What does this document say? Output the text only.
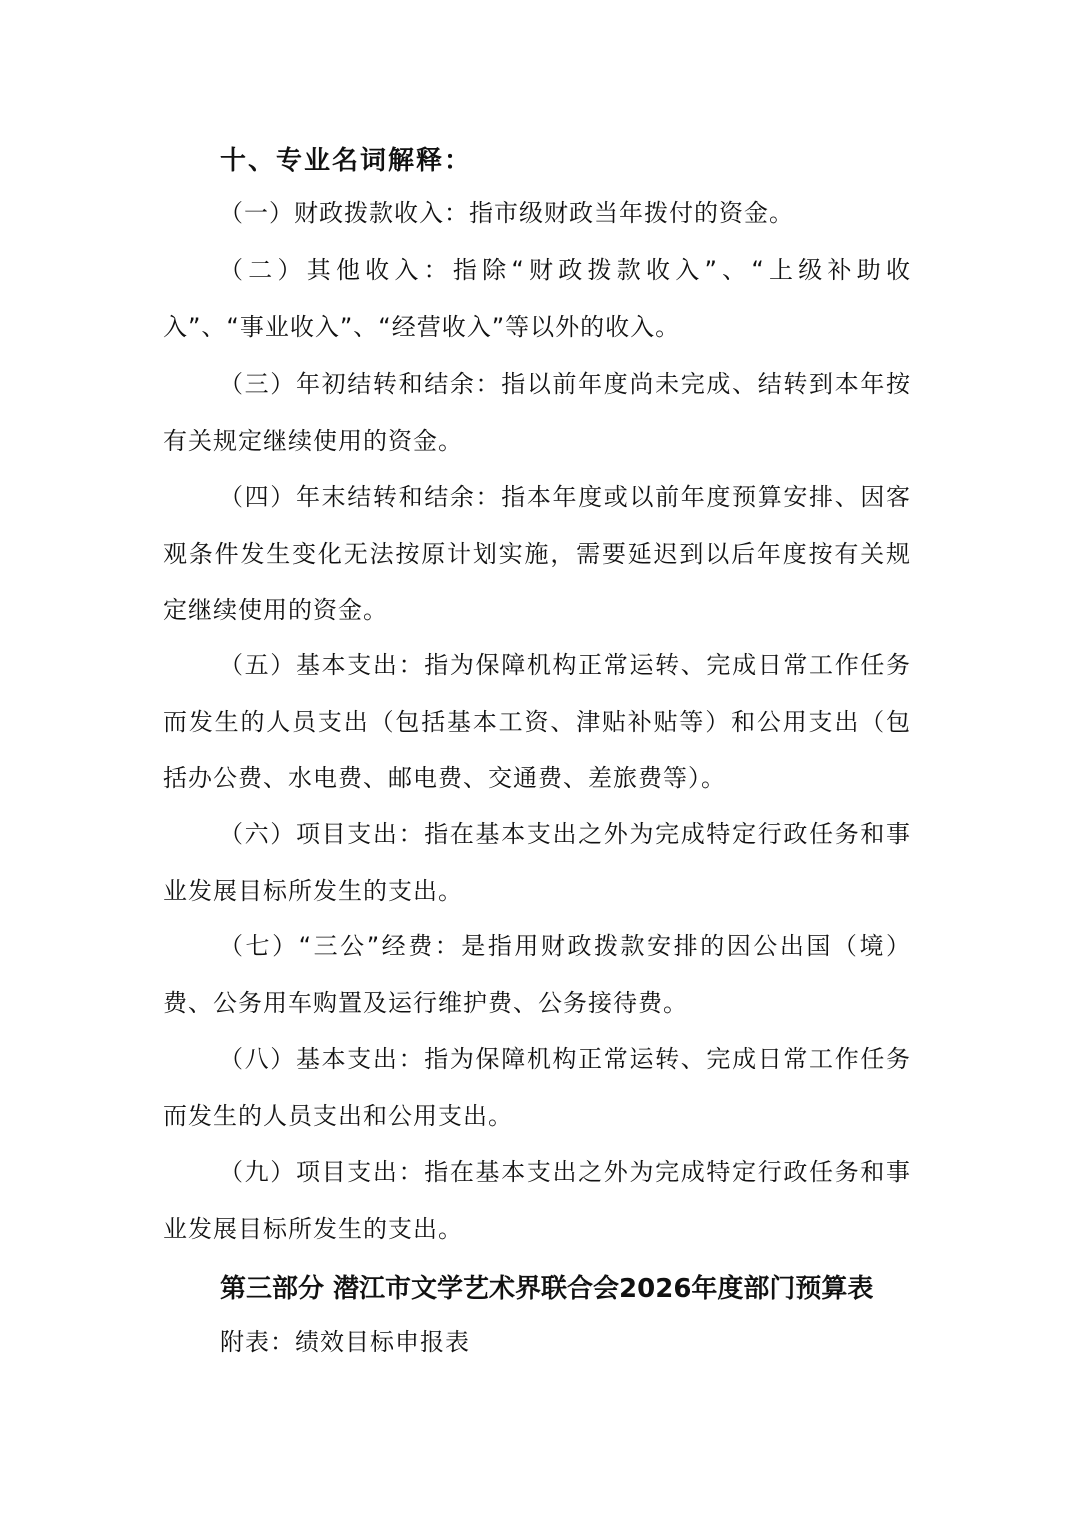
十、专业名词解释：
（一）财政拨款收入：指市级财政当年拨付的资金。
（二）其他收入：指除“财政拨款收入”、“上级补助收入”、“事业收入”、“经营收入”等以外的收入。
（三）年初结转和结余：指以前年度尚未完成、结转到本年按有关规定继续使用的资金。
（四）年末结转和结余：指本年度或以前年度预算安排、因客观条件发生变化无法按原计划实施，需要延迟到以后年度按有关规定继续使用的资金。
（五）基本支出：指为保障机构正常运转、完成日常工作任务而发生的人员支出（包括基本工资、津贴补贴等）和公用支出（包括办公费、水电费、邮电费、交通费、差旅费等）。
（六）项目支出：指在基本支出之外为完成特定行政任务和事业发展目标所发生的支出。
（七）“三公”经费：是指用财政拨款安排的因公出国（境）费、公务用车购置及运行维护费、公务接待费。
（八）基本支出：指为保障机构正常运转、完成日常工作任务而发生的人员支出和公用支出。
（九）项目支出：指在基本支出之外为完成特定行政任务和事业发展目标所发生的支出。
第三部分 潜江市文学艺术界联合会2026年度部门预算表
附表：绩效目标申报表
